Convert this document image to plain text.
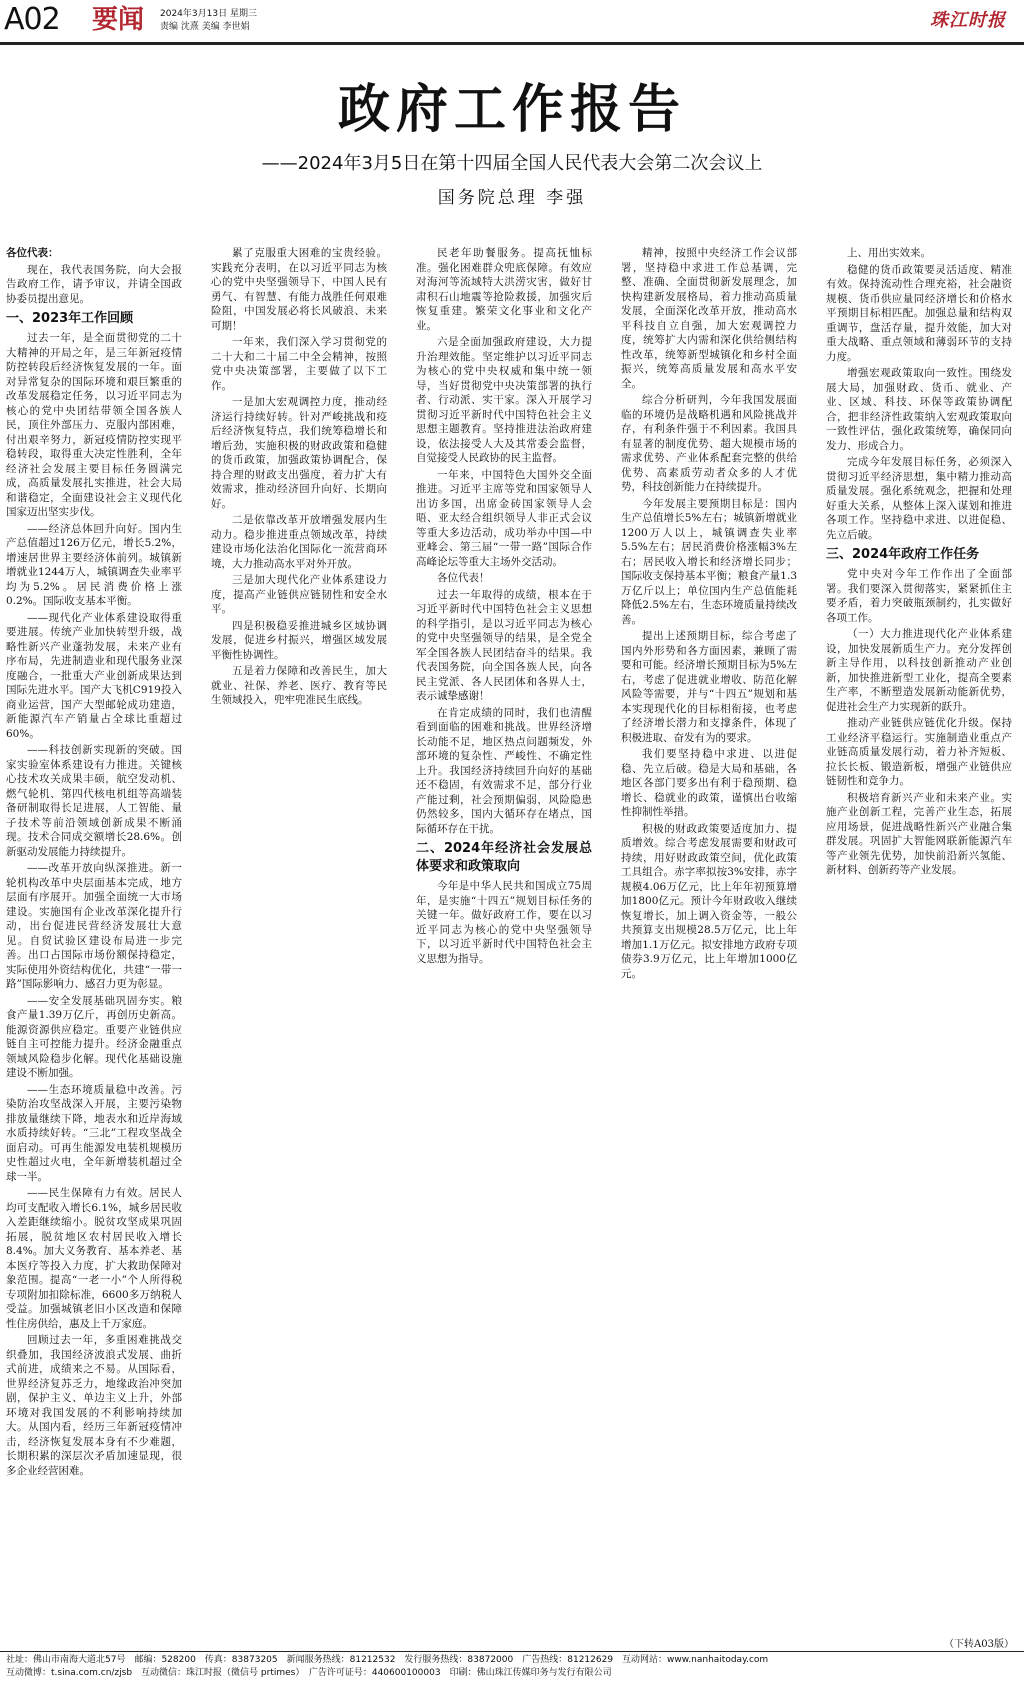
A02 要闻 2024年3月13日 星期三
责编 沈熹 美编 李世娟	珠江时报
政府工作报告
——2024年3月5日在第十四届全国人民代表大会第二次会议上
国务院总理 李强

各位代表：

现在，我代表国务院，向大会报告政府工作，请予审议，并请全国政协委员提出意见。

一、2023年工作回顾

过去一年，是全面贯彻党的二十大精神的开局之年，是三年新冠疫情防控转段后经济恢复发展的一年。面对异常复杂的国际环境和艰巨繁重的改革发展稳定任务，以习近平同志为核心的党中央团结带领全国各族人民，顶住外部压力、克服内部困难，付出艰辛努力，新冠疫情防控实现平稳转段，取得重大决定性胜利，全年经济社会发展主要目标任务圆满完成，高质量发展扎实推进，社会大局和谐稳定，全面建设社会主义现代化国家迈出坚实步伐。

——经济总体回升向好。国内生产总值超过126万亿元，增长5.2%，增速居世界主要经济体前列。城镇新增就业1244万人，城镇调查失业率平均为5.2%。居民消费价格上涨0.2%。国际收支基本平衡。

——现代化产业体系建设取得重要进展。传统产业加快转型升级，战略性新兴产业蓬勃发展，未来产业有序布局，先进制造业和现代服务业深度融合，一批重大产业创新成果达到国际先进水平。国产大飞机C919投入商业运营，国产大型邮轮成功建造，新能源汽车产销量占全球比重超过60%。

——科技创新实现新的突破。国家实验室体系建设有力推进。关键核心技术攻关成果丰硕，航空发动机、燃气轮机、第四代核电机组等高端装备研制取得长足进展，人工智能、量子技术等前沿领域创新成果不断涌现。技术合同成交额增长28.6%。创新驱动发展能力持续提升。

——改革开放向纵深推进。新一轮机构改革中央层面基本完成，地方层面有序展开。加强全面统一大市场建设。实施国有企业改革深化提升行动，出台促进民营经济发展壮大意见。自贸试验区建设布局进一步完善。出口占国际市场份额保持稳定，实际使用外资结构优化，共建“一带一路”国际影响力、感召力更为彰显。

——安全发展基础巩固夯实。粮食产量1.39万亿斤，再创历史新高。能源资源供应稳定。重要产业链供应链自主可控能力提升。经济金融重点领域风险稳步化解。现代化基础设施建设不断加强。

——生态环境质量稳中改善。污染防治攻坚战深入开展，主要污染物排放量继续下降，地表水和近岸海域水质持续好转。“三北”工程攻坚战全面启动。可再生能源发电装机规模历史性超过火电，全年新增装机超过全球一半。

——民生保障有力有效。居民人均可支配收入增长6.1%，城乡居民收入差距继续缩小。脱贫攻坚成果巩固拓展，脱贫地区农村居民收入增长8.4%。加大义务教育、基本养老、基本医疗等投入力度，扩大救助保障对象范围。提高“一老一小”个人所得税专项附加扣除标准，6600多万纳税人受益。加强城镇老旧小区改造和保障性住房供给，惠及上千万家庭。

回顾过去一年，多重困难挑战交织叠加，我国经济波浪式发展、曲折式前进，成绩来之不易。从国际看，世界经济复苏乏力，地缘政治冲突加剧，保护主义、单边主义上升，外部环境对我国发展的不利影响持续加大。从国内看，经历三年新冠疫情冲击，经济恢复发展本身有不少难题，长期积累的深层次矛盾加速显现，很多企业经营困难。

累了克服重大困难的宝贵经验。实践充分表明，在以习近平同志为核心的党中央坚强领导下，中国人民有勇气、有智慧、有能力战胜任何艰难险阻，中国发展必将长风破浪、未来可期！

一年来，我们深入学习贯彻党的二十大和二十届二中全会精神，按照党中央决策部署，主要做了以下工作。

一是加大宏观调控力度，推动经济运行持续好转。针对严峻挑战和疫后经济恢复特点，我们统筹稳增长和增后劲，实施积极的财政政策和稳健的货币政策，加强政策协调配合，保持合理的财政支出强度，着力扩大有效需求，推动经济回升向好、长期向好。

二是依靠改革开放增强发展内生动力。稳步推进重点领域改革，持续建设市场化法治化国际化一流营商环境，大力推动高水平对外开放。

三是加大现代化产业体系建设力度，提高产业链供应链韧性和安全水平。

四是积极稳妥推进城乡区域协调发展，促进乡村振兴，增强区域发展平衡性协调性。

五是着力保障和改善民生，加大就业、社保、养老、医疗、教育等民生领域投入，兜牢兜准民生底线。

民老年助餐服务。提高抚恤标准。强化困难群众兜底保障。有效应对海河等流域特大洪涝灾害，做好甘肃积石山地震等抢险救援，加强灾后恢复重建。繁荣文化事业和文化产业。

六是全面加强政府建设，大力提升治理效能。坚定维护以习近平同志为核心的党中央权威和集中统一领导，当好贯彻党中央决策部署的执行者、行动派、实干家。深入开展学习贯彻习近平新时代中国特色社会主义思想主题教育。坚持推进法治政府建设，依法接受人大及其常委会监督，自觉接受人民政协的民主监督。

一年来，中国特色大国外交全面推进。习近平主席等党和国家领导人出访多国，出席金砖国家领导人会晤、亚太经合组织领导人非正式会议等重大多边活动，成功举办中国—中亚峰会、第三届“一带一路”国际合作高峰论坛等重大主场外交活动。

各位代表！

过去一年取得的成绩，根本在于习近平新时代中国特色社会主义思想的科学指引，是以习近平同志为核心的党中央坚强领导的结果，是全党全军全国各族人民团结奋斗的结果。我代表国务院，向全国各族人民，向各民主党派、各人民团体和各界人士，表示诚挚感谢！

在肯定成绩的同时，我们也清醒看到面临的困难和挑战。世界经济增长动能不足，地区热点问题频发，外部环境的复杂性、严峻性、不确定性上升。我国经济持续回升向好的基础还不稳固，有效需求不足，部分行业产能过剩，社会预期偏弱，风险隐患仍然较多，国内大循环存在堵点，国际循环存在干扰。

二、2024年经济社会发展总体要求和政策取向

今年是中华人民共和国成立75周年，是实施“十四五”规划目标任务的关键一年。做好政府工作，要在以习近平同志为核心的党中央坚强领导下，以习近平新时代中国特色社会主义思想为指导。

精神，按照中央经济工作会议部署，坚持稳中求进工作总基调，完整、准确、全面贯彻新发展理念，加快构建新发展格局，着力推动高质量发展，全面深化改革开放，推动高水平科技自立自强，加大宏观调控力度，统筹扩大内需和深化供给侧结构性改革，统筹新型城镇化和乡村全面振兴，统筹高质量发展和高水平安全。

综合分析研判，今年我国发展面临的环境仍是战略机遇和风险挑战并存，有利条件强于不利因素。我国具有显著的制度优势、超大规模市场的需求优势、产业体系配套完整的供给优势、高素质劳动者众多的人才优势，科技创新能力在持续提升。

今年发展主要预期目标是：国内生产总值增长5%左右；城镇新增就业1200万人以上，城镇调查失业率5.5%左右；居民消费价格涨幅3%左右；居民收入增长和经济增长同步；国际收支保持基本平衡；粮食产量1.3万亿斤以上；单位国内生产总值能耗降低2.5%左右，生态环境质量持续改善。

提出上述预期目标，综合考虑了国内外形势和各方面因素，兼顾了需要和可能。经济增长预期目标为5%左右，考虑了促进就业增收、防范化解风险等需要，并与“十四五”规划和基本实现现代化的目标相衔接，也考虑了经济增长潜力和支撑条件，体现了积极进取、奋发有为的要求。

我们要坚持稳中求进、以进促稳、先立后破。稳是大局和基础，各地区各部门要多出有利于稳预期、稳增长、稳就业的政策，谨慎出台收缩性抑制性举措。

积极的财政政策要适度加力、提质增效。综合考虑发展需要和财政可持续，用好财政政策空间，优化政策工具组合。赤字率拟按3%安排，赤字规模4.06万亿元，比上年年初预算增加1800亿元。预计今年财政收入继续恢复增长，加上调入资金等，一般公共预算支出规模28.5万亿元，比上年增加1.1万亿元。拟安排地方政府专项债券3.9万亿元，比上年增加1000亿元。

上、用出实效来。

稳健的货币政策要灵活适度、精准有效。保持流动性合理充裕，社会融资规模、货币供应量同经济增长和价格水平预期目标相匹配。加强总量和结构双重调节，盘活存量，提升效能，加大对重大战略、重点领域和薄弱环节的支持力度。

增强宏观政策取向一致性。围绕发展大局，加强财政、货币、就业、产业、区域、科技、环保等政策协调配合，把非经济性政策纳入宏观政策取向一致性评估，强化政策统筹，确保同向发力、形成合力。

完成今年发展目标任务，必须深入贯彻习近平经济思想，集中精力推动高质量发展。强化系统观念，把握和处理好重大关系，从整体上深入谋划和推进各项工作。坚持稳中求进、以进促稳、先立后破。

三、2024年政府工作任务

党中央对今年工作作出了全面部署。我们要深入贯彻落实，紧紧抓住主要矛盾，着力突破瓶颈制约，扎实做好各项工作。

（一）大力推进现代化产业体系建设，加快发展新质生产力。充分发挥创新主导作用，以科技创新推动产业创新，加快推进新型工业化，提高全要素生产率，不断塑造发展新动能新优势，促进社会生产力实现新的跃升。

推动产业链供应链优化升级。保持工业经济平稳运行。实施制造业重点产业链高质量发展行动，着力补齐短板、拉长长板、锻造新板，增强产业链供应链韧性和竞争力。

积极培育新兴产业和未来产业。实施产业创新工程，完善产业生态，拓展应用场景，促进战略性新兴产业融合集群发展。巩固扩大智能网联新能源汽车等产业领先优势，加快前沿新兴氢能、新材料、创新药等产业发展。

（下转A03版）
社址：佛山市南海大道北57号　邮编：528200　传真：83873205　新闻服务热线：81212532　发行服务热线：83872000　广告热线：81212629　互动网站：www.nanhaitoday.com
互动微博：t.sina.com.cn/zjsb　互动微信：珠江时报（微信号 prtimes）　广告许可证号：440600100003　印刷：佛山珠江传媒印务与发行有限公司
